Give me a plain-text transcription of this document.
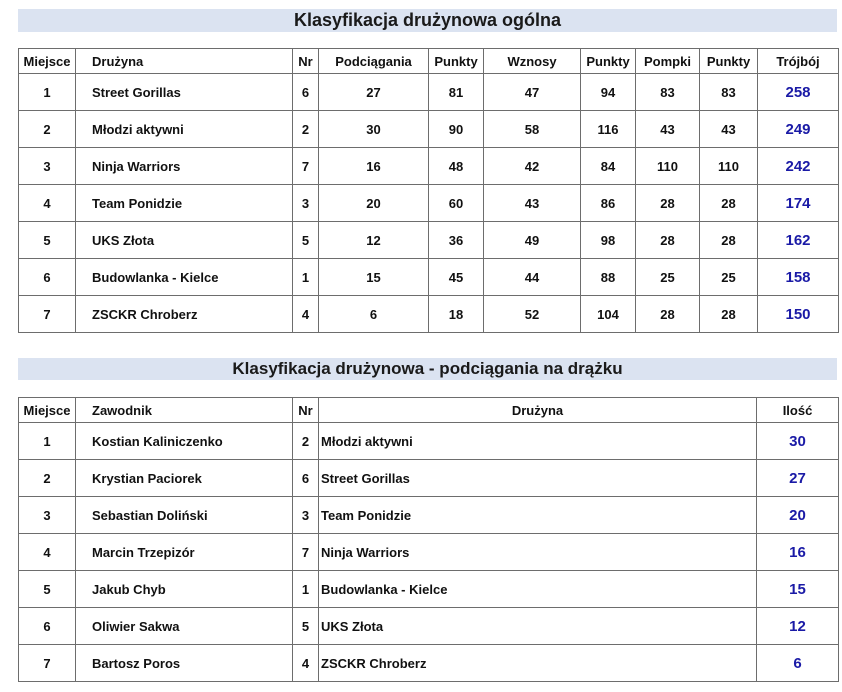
Klasyfikacja drużynowa ogólna
Miejsce	Drużyna	Nr	Podciągania	Punkty	Wznosy	Punkty	Pompki	Punkty	Trójbój
1	Street Gorillas	6	27	81	47	94	83	83	258
2	Młodzi aktywni	2	30	90	58	116	43	43	249
3	Ninja Warriors	7	16	48	42	84	110	110	242
4	Team Ponidzie	3	20	60	43	86	28	28	174
5	UKS Złota	5	12	36	49	98	28	28	162
6	Budowlanka - Kielce	1	15	45	44	88	25	25	158
7	ZSCKR Chroberz	4	6	18	52	104	28	28	150
Klasyfikacja drużynowa - podciągania na drążku
Miejsce	Zawodnik	Nr	Drużyna	Ilość
1	Kostian Kaliniczenko	2	Młodzi aktywni	30
2	Krystian Paciorek	6	Street Gorillas	27
3	Sebastian Doliński	3	Team Ponidzie	20
4	Marcin Trzepizór	7	Ninja Warriors	16
5	Jakub Chyb	1	Budowlanka - Kielce	15
6	Oliwier Sakwa	5	UKS Złota	12
7	Bartosz Poros	4	ZSCKR Chroberz	6
